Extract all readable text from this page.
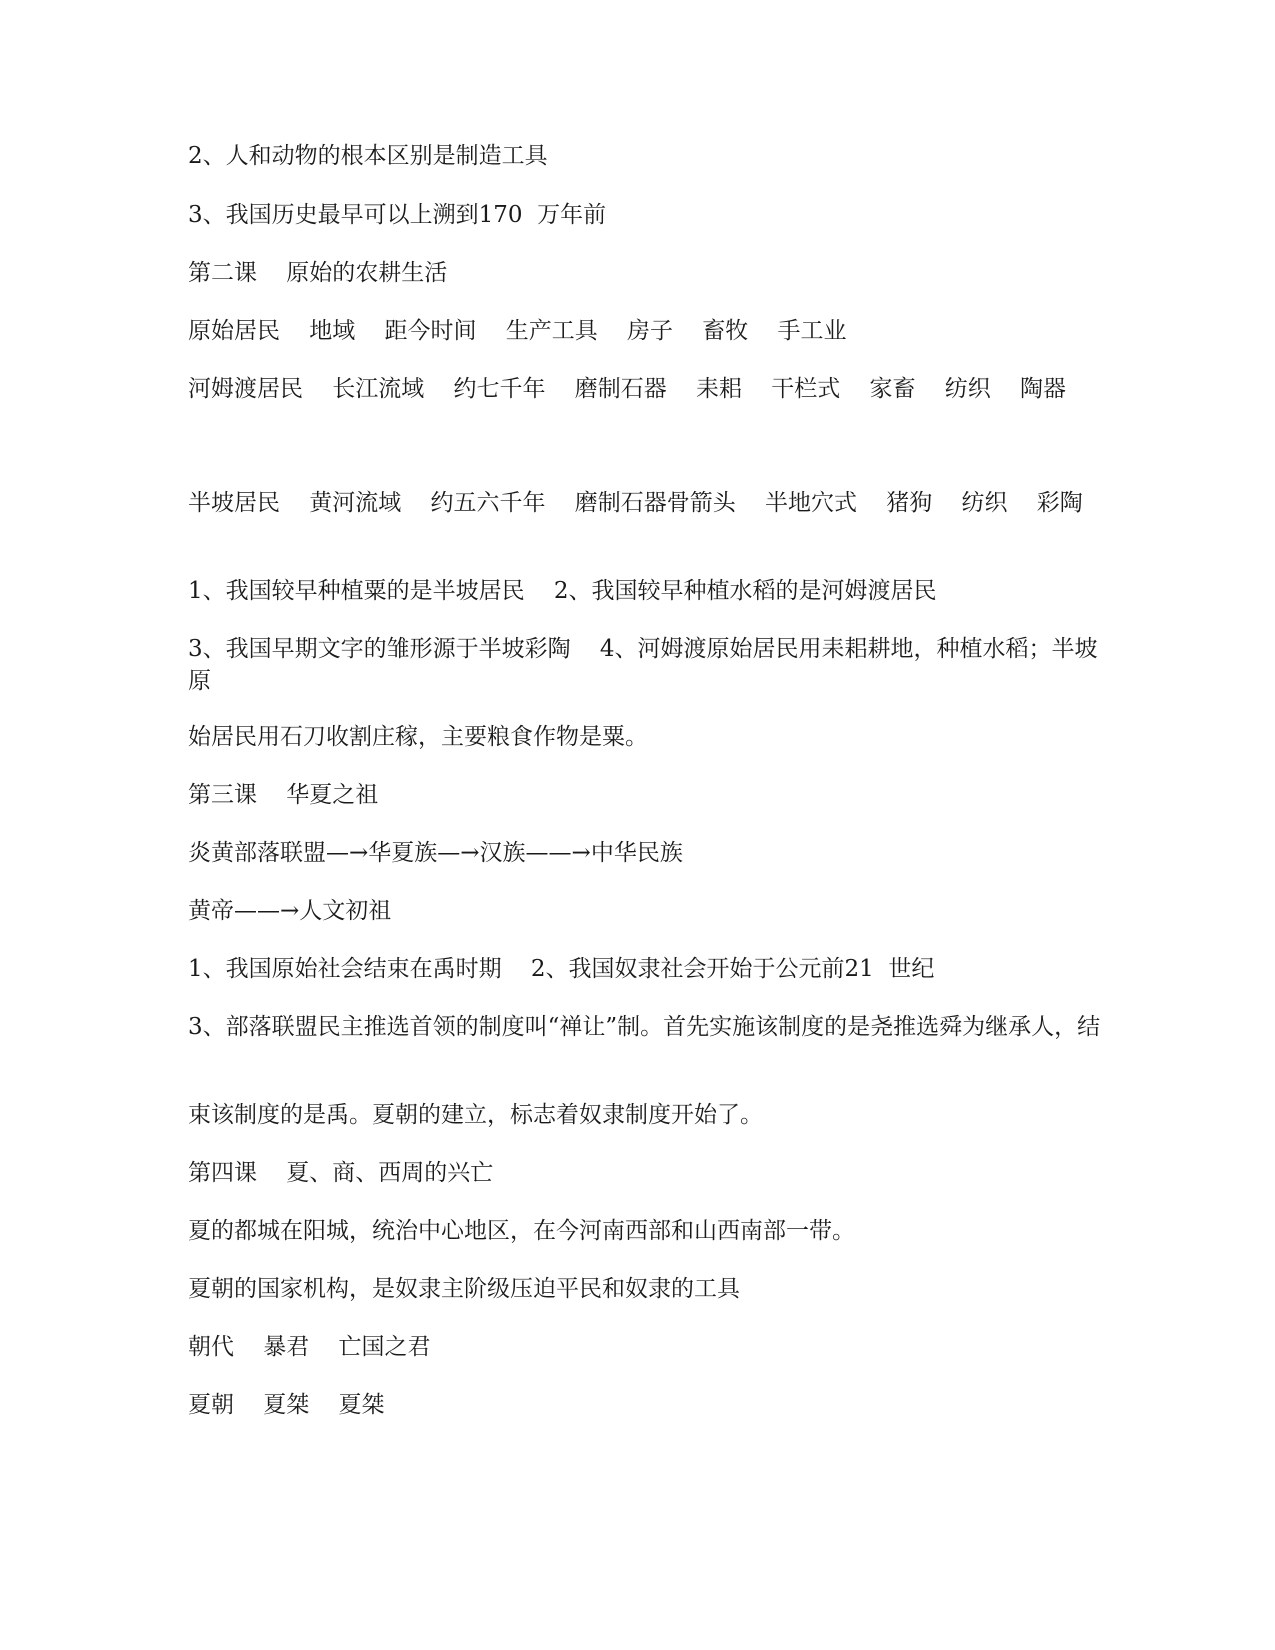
2、人和动物的根本区别是制造工具

3、我国历史最早可以上溯到170  万年前

第二课    原始的农耕生活

原始居民    地域    距今时间    生产工具    房子    畜牧    手工业

河姆渡居民    长江流域    约七千年    磨制石器    耒耜    干栏式    家畜    纺织    陶器

半坡居民    黄河流域    约五六千年    磨制石器骨箭头    半地穴式    猪狗    纺织    彩陶

1、我国较早种植粟的是半坡居民    2、我国较早种植水稻的是河姆渡居民

3、我国早期文字的雏形源于半坡彩陶    4、河姆渡原始居民用耒耜耕地，种植水稻；半坡原

始居民用石刀收割庄稼，主要粮食作物是粟。

第三课    华夏之祖

炎黄部落联盟—→华夏族—→汉族——→中华民族

黄帝——→人文初祖

1、我国原始社会结束在禹时期    2、我国奴隶社会开始于公元前21  世纪

3、部落联盟民主推选首领的制度叫“禅让”制。首先实施该制度的是尧推选舜为继承人，结

束该制度的是禹。夏朝的建立，标志着奴隶制度开始了。

第四课    夏、商、西周的兴亡

夏的都城在阳城，统治中心地区，在今河南西部和山西南部一带。

夏朝的国家机构，是奴隶主阶级压迫平民和奴隶的工具

朝代    暴君    亡国之君

夏朝    夏桀    夏桀
